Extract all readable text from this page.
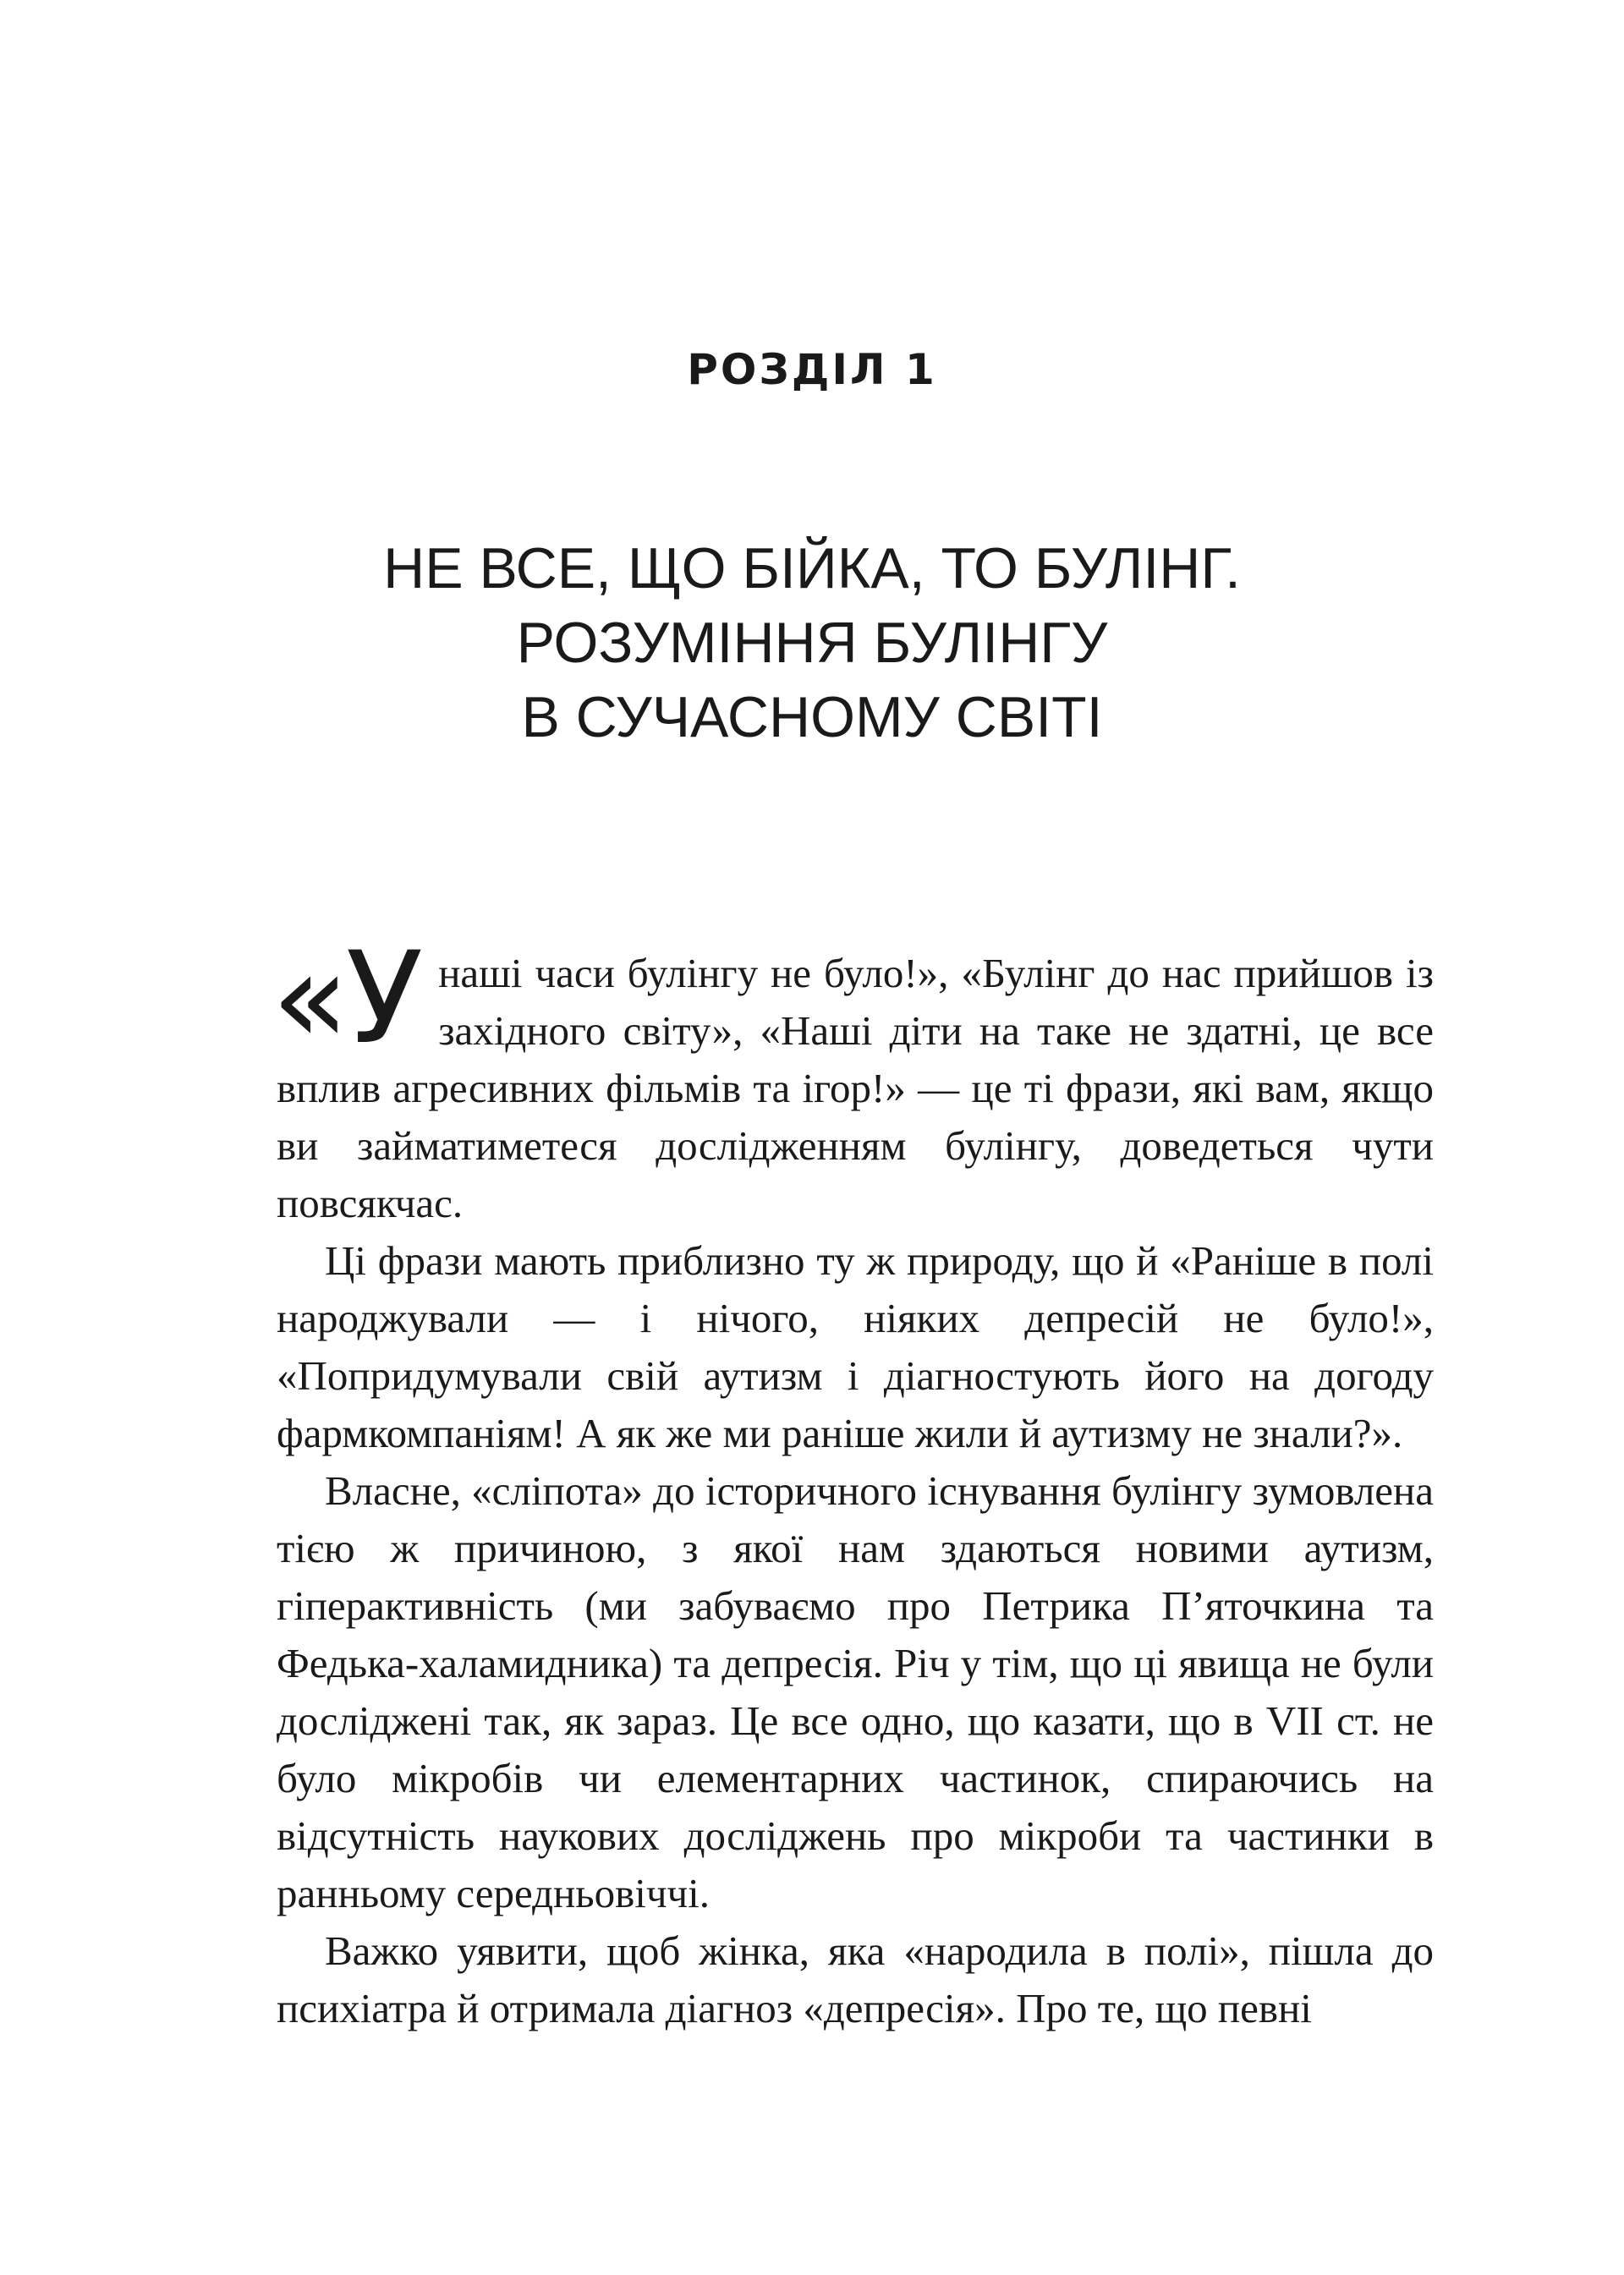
РОЗДІЛ 1
НЕ ВСЕ, ЩО БІЙКА, ТО БУЛІНГ.
РОЗУМІННЯ БУЛІНГУ
В СУЧАСНОМУ СВІТІ

«У наші часи булінгу не було!», «Булінг до нас прийшов із західного світу», «Наші діти на таке не здатні, це все вплив агресивних фільмів та ігор!» — це ті фрази, які вам, якщо ви займатиметеся дослідженням булінгу, доведеться чути повсякчас.

Ці фрази мають приблизно ту ж природу, що й «Раніше в полі народжували — і нічого, ніяких депресій не було!», «Попридумували свій аутизм і діагностують його на догоду фармкомпаніям! А як же ми раніше жили й аутизму не знали?».

Власне, «сліпота» до історичного існування булінгу зумовлена тією ж причиною, з якої нам здаються новими аутизм, гіперактивність (ми забуваємо про Петрика П’яточкина та Федька-халамидника) та депресія. Річ у тім, що ці явища не були досліджені так, як зараз. Це все одно, що казати, що в VII ст. не було мікробів чи елементарних частинок, спираючись на відсутність наукових досліджень про мікроби та частинки в ранньому середньовіччі.

Важко уявити, щоб жінка, яка «народила в полі», пішла до психіатра й отримала діагноз «депресія». Про те, що певні
